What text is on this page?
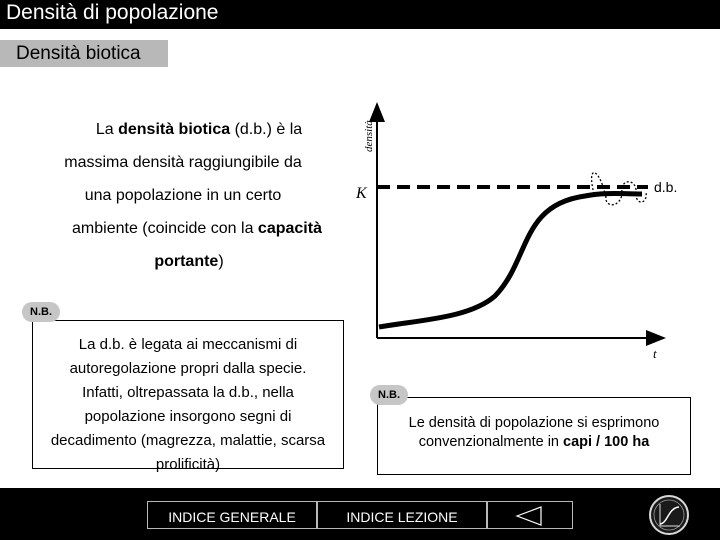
Densità di popolazione
Densità biotica
La densità biotica (d.b.) è la
massima densità raggiungibile da
una popolazione in un certo
ambiente (coincide con la capacità
portante)
La d.b. è legata ai meccanismi di
autoregolazione propri dalla specie.
Infatti, oltrepassata la d.b., nella
popolazione insorgono segni di
decadimento (magrezza, malattie, scarsa
prolificità)
N.B.
Le densità di popolazione si esprimono
convenzionalmente in capi / 100 ha
N.B.
densità
t
K	d.b.
INDICE GENERALE	INDICE LEZIONE
